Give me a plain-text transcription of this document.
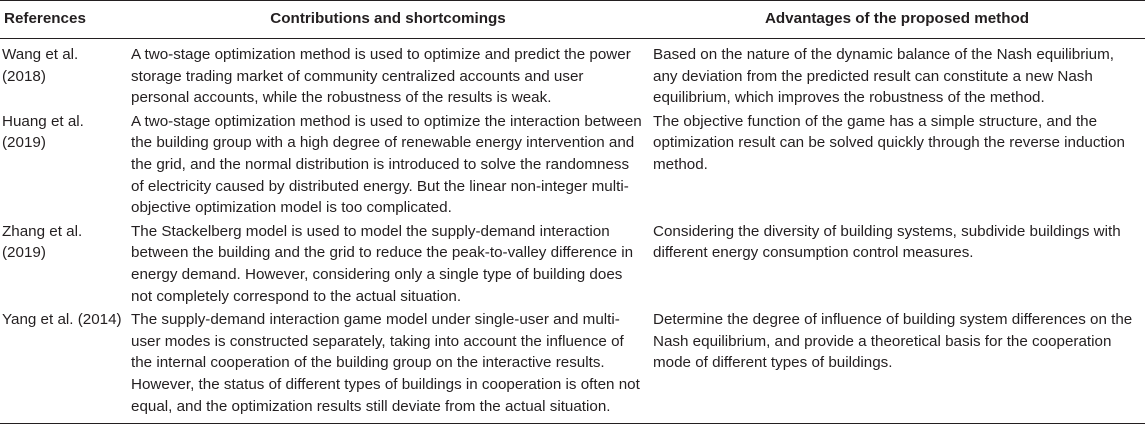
References	Contributions and shortcomings	Advantages of the proposed method
Wang et al. (2018)	A two-stage optimization method is used to optimize and predict the power storage trading market of community centralized accounts and user personal accounts, while the robustness of the results is weak.	Based on the nature of the dynamic balance of the Nash equilibrium, any deviation from the predicted result can constitute a new Nash equilibrium, which improves the robustness of the method.
Huang et al. (2019)	A two-stage optimization method is used to optimize the interaction between the building group with a high degree of renewable energy intervention and the grid, and the normal distribution is introduced to solve the randomness of electricity caused by distributed energy. But the linear non-integer multi-objective optimization model is too complicated.	The objective function of the game has a simple structure, and the optimization result can be solved quickly through the reverse induction method.
Zhang et al. (2019)	The Stackelberg model is used to model the supply-demand interaction between the building and the grid to reduce the peak-to-valley difference in energy demand. However, considering only a single type of building does not completely correspond to the actual situation.	Considering the diversity of building systems, subdivide buildings with different energy consumption control measures.
Yang et al. (2014)	The supply-demand interaction game model under single-user and multi-user modes is constructed separately, taking into account the influence of the internal cooperation of the building group on the interactive results. However, the status of different types of buildings in cooperation is often not equal, and the optimization results still deviate from the actual situation.	Determine the degree of influence of building system differences on the Nash equilibrium, and provide a theoretical basis for the cooperation mode of different types of buildings.
